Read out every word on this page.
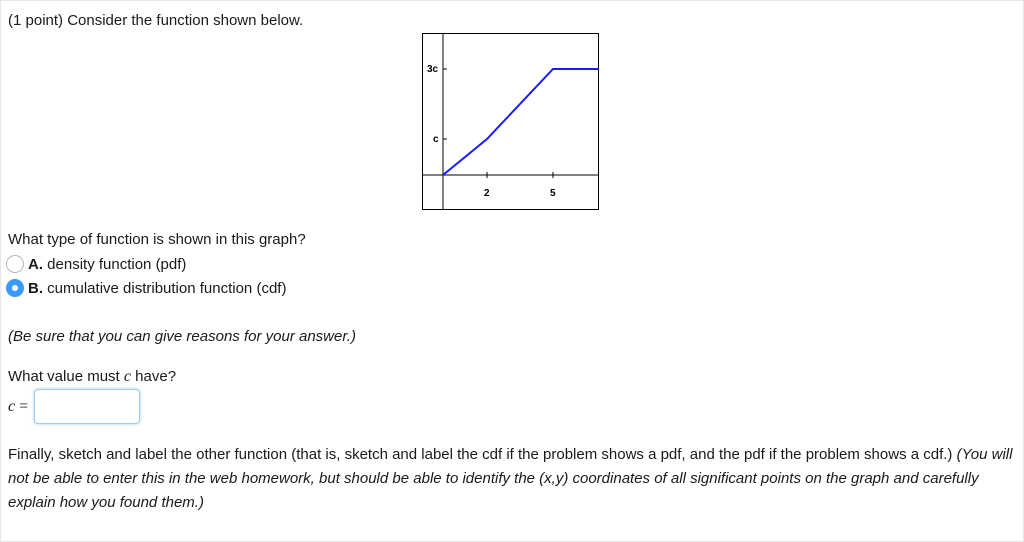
(1 point) Consider the function shown below.
3c
c
2	5
What type of function is shown in this graph?
A. density function (pdf)
B. cumulative distribution function (cdf)
(Be sure that you can give reasons for your answer.)
What value must c have?
c =
Finally, sketch and label the other function (that is, sketch and label the cdf if the problem shows a pdf, and the pdf if the problem shows a cdf.) (You will not be able to enter this in the web homework, but should be able to identify the (x,y) coordinates of all significant points on the graph and carefully explain how you found them.)
